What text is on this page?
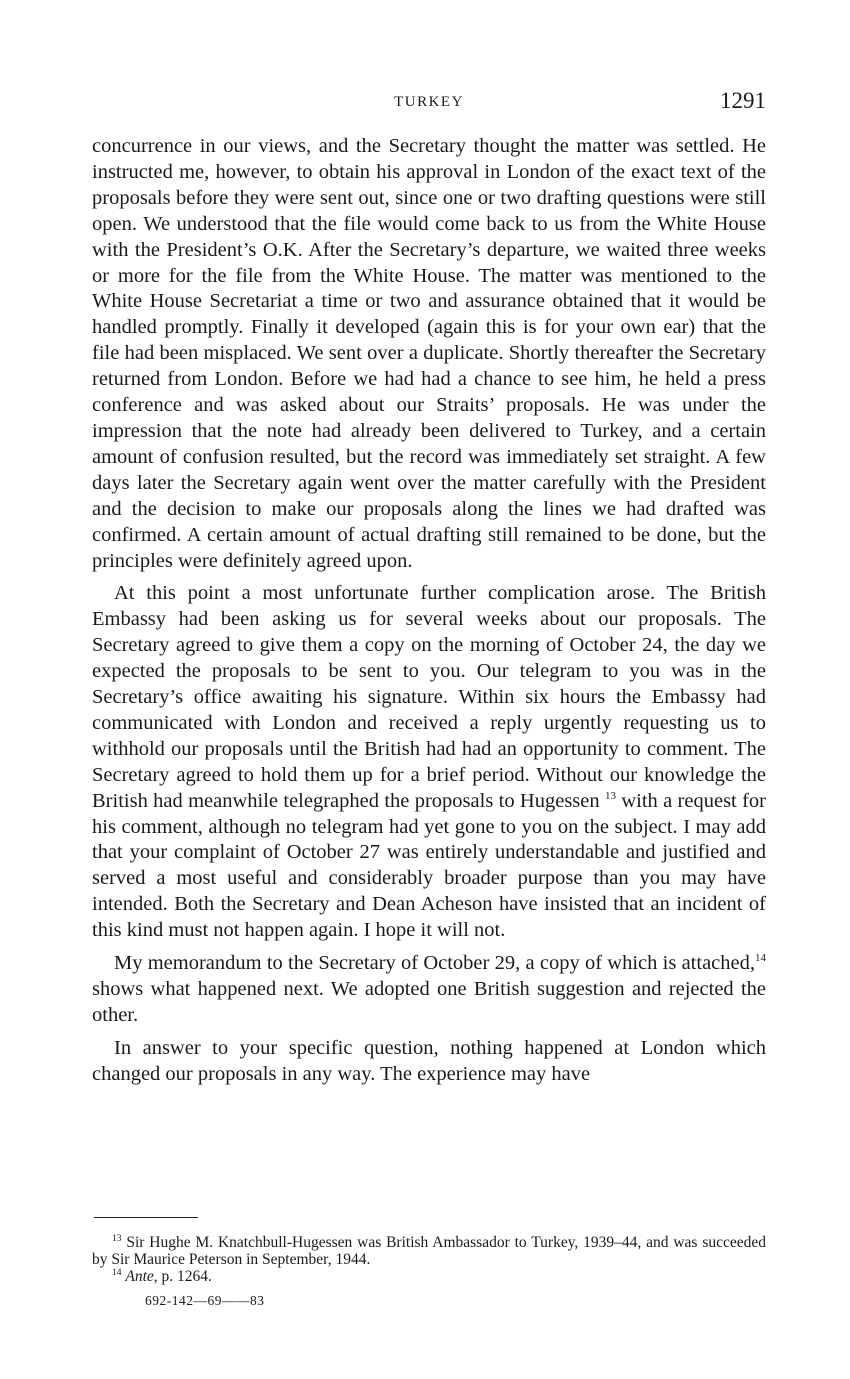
TURKEY	1291

concurrence in our views, and the Secretary thought the matter was settled. He instructed me, however, to obtain his approval in London of the exact text of the proposals before they were sent out, since one or two drafting questions were still open. We understood that the file would come back to us from the White House with the President’s O.K. After the Secretary’s departure, we waited three weeks or more for the file from the White House. The matter was mentioned to the White House Secretariat a time or two and assurance obtained that it would be handled promptly. Finally it developed (again this is for your own ear) that the file had been misplaced. We sent over a duplicate. Shortly thereafter the Secretary returned from London. Before we had had a chance to see him, he held a press conference and was asked about our Straits’ proposals. He was under the impression that the note had already been delivered to Turkey, and a certain amount of confusion resulted, but the record was immediately set straight. A few days later the Secretary again went over the matter carefully with the President and the decision to make our proposals along the lines we had drafted was confirmed. A certain amount of actual drafting still remained to be done, but the principles were definitely agreed upon.

At this point a most unfortunate further complication arose. The British Embassy had been asking us for several weeks about our proposals. The Secretary agreed to give them a copy on the morning of October 24, the day we expected the proposals to be sent to you. Our telegram to you was in the Secretary’s office awaiting his signature. Within six hours the Embassy had communicated with London and received a reply urgently requesting us to withhold our proposals until the British had had an opportunity to comment. The Secretary agreed to hold them up for a brief period. Without our knowledge the British had meanwhile telegraphed the proposals to Hugessen $^{13}$ with a request for his comment, although no telegram had yet gone to you on the subject. I may add that your complaint of October 27 was entirely understandable and justified and served a most useful and considerably broader purpose than you may have intended. Both the Secretary and Dean Acheson have insisted that an incident of this kind must not happen again. I hope it will not.

My memorandum to the Secretary of October 29, a copy of which is attached,$^{14}$ shows what happened next. We adopted one British suggestion and rejected the other.

In answer to your specific question, nothing happened at London which changed our proposals in any way. The experience may have

$^{13}$ Sir Hughe M. Knatchbull-Hugessen was British Ambassador to Turkey, 1939–44, and was succeeded by Sir Maurice Peterson in September, 1944.

$^{14}$ Ante, p. 1264.

692-142—69——83
